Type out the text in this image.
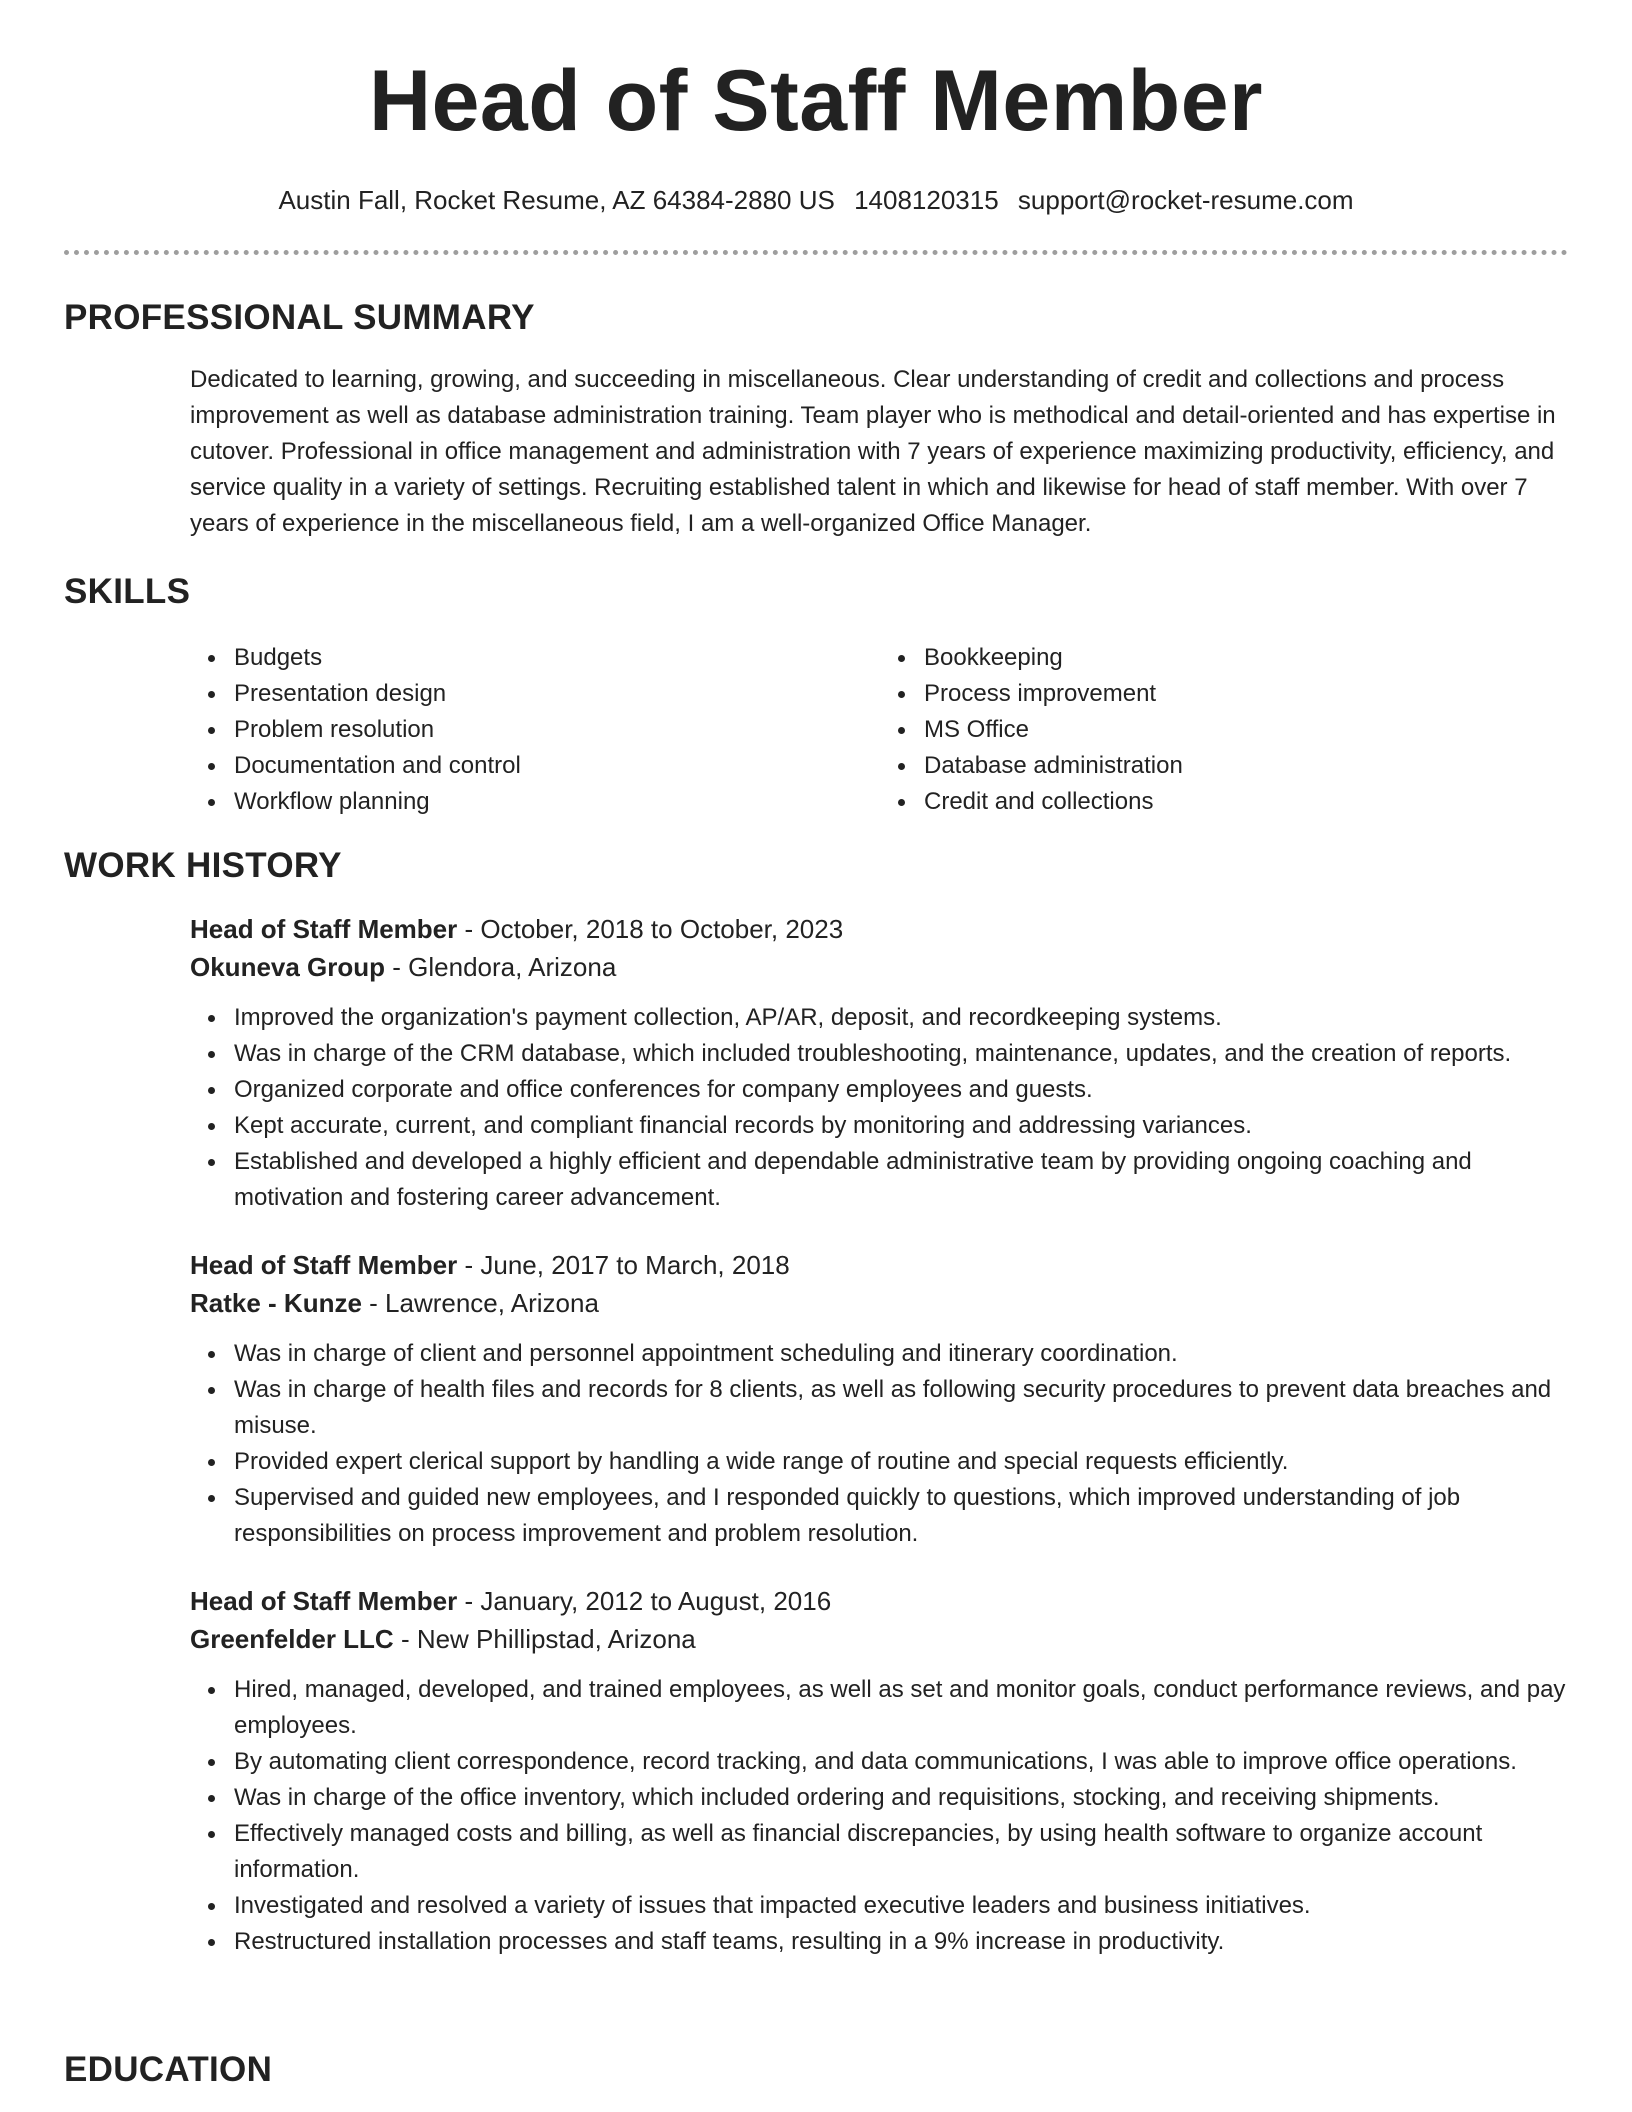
Head of Staff Member
Austin Fall, Rocket Resume, AZ 64384-2880 US 1408120315 support@rocket-resume.com
PROFESSIONAL SUMMARY

Dedicated to learning, growing, and succeeding in miscellaneous. Clear understanding of credit and collections and process improvement as well as database administration training. Team player who is methodical and detail-oriented and has expertise in cutover. Professional in office management and administration with 7 years of experience maximizing productivity, efficiency, and service quality in a variety of settings. Recruiting established talent in which and likewise for head of staff member. With over 7 years of experience in the miscellaneous field, I am a well-organized Office Manager.

SKILLS
Budgets
Presentation design
Problem resolution
Documentation and control
Workflow planning
Bookkeeping
Process improvement
MS Office
Database administration
Credit and collections
WORK HISTORY
Head of Staff Member - October, 2018 to October, 2023
Okuneva Group - Glendora, Arizona
Improved the organization's payment collection, AP/AR, deposit, and recordkeeping systems.
Was in charge of the CRM database, which included troubleshooting, maintenance, updates, and the creation of reports.
Organized corporate and office conferences for company employees and guests.
Kept accurate, current, and compliant financial records by monitoring and addressing variances.
Established and developed a highly efficient and dependable administrative team by providing ongoing coaching and motivation and fostering career advancement.
Head of Staff Member - June, 2017 to March, 2018
Ratke - Kunze - Lawrence, Arizona
Was in charge of client and personnel appointment scheduling and itinerary coordination.
Was in charge of health files and records for 8 clients, as well as following security procedures to prevent data breaches and misuse.
Provided expert clerical support by handling a wide range of routine and special requests efficiently.
Supervised and guided new employees, and I responded quickly to questions, which improved understanding of job responsibilities on process improvement and problem resolution.
Head of Staff Member - January, 2012 to August, 2016
Greenfelder LLC - New Phillipstad, Arizona
Hired, managed, developed, and trained employees, as well as set and monitor goals, conduct performance reviews, and pay employees.
By automating client correspondence, record tracking, and data communications, I was able to improve office operations.
Was in charge of the office inventory, which included ordering and requisitions, stocking, and receiving shipments.
Effectively managed costs and billing, as well as financial discrepancies, by using health software to organize account information.
Investigated and resolved a variety of issues that impacted executive leaders and business initiatives.
Restructured installation processes and staff teams, resulting in a 9% increase in productivity.
EDUCATION
